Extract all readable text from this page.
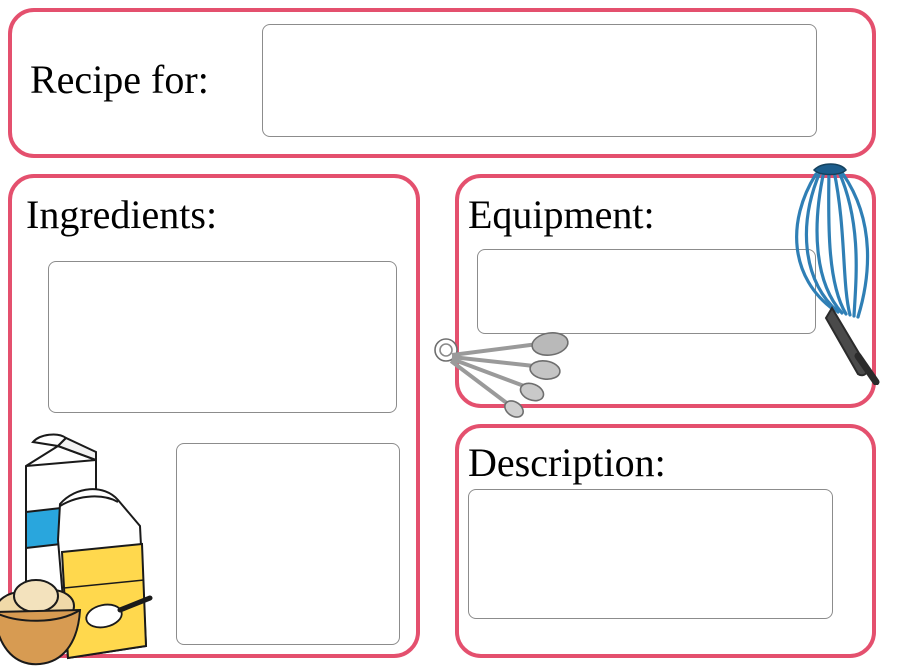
Recipe for:
Ingredients:	Equipment:
Description:
